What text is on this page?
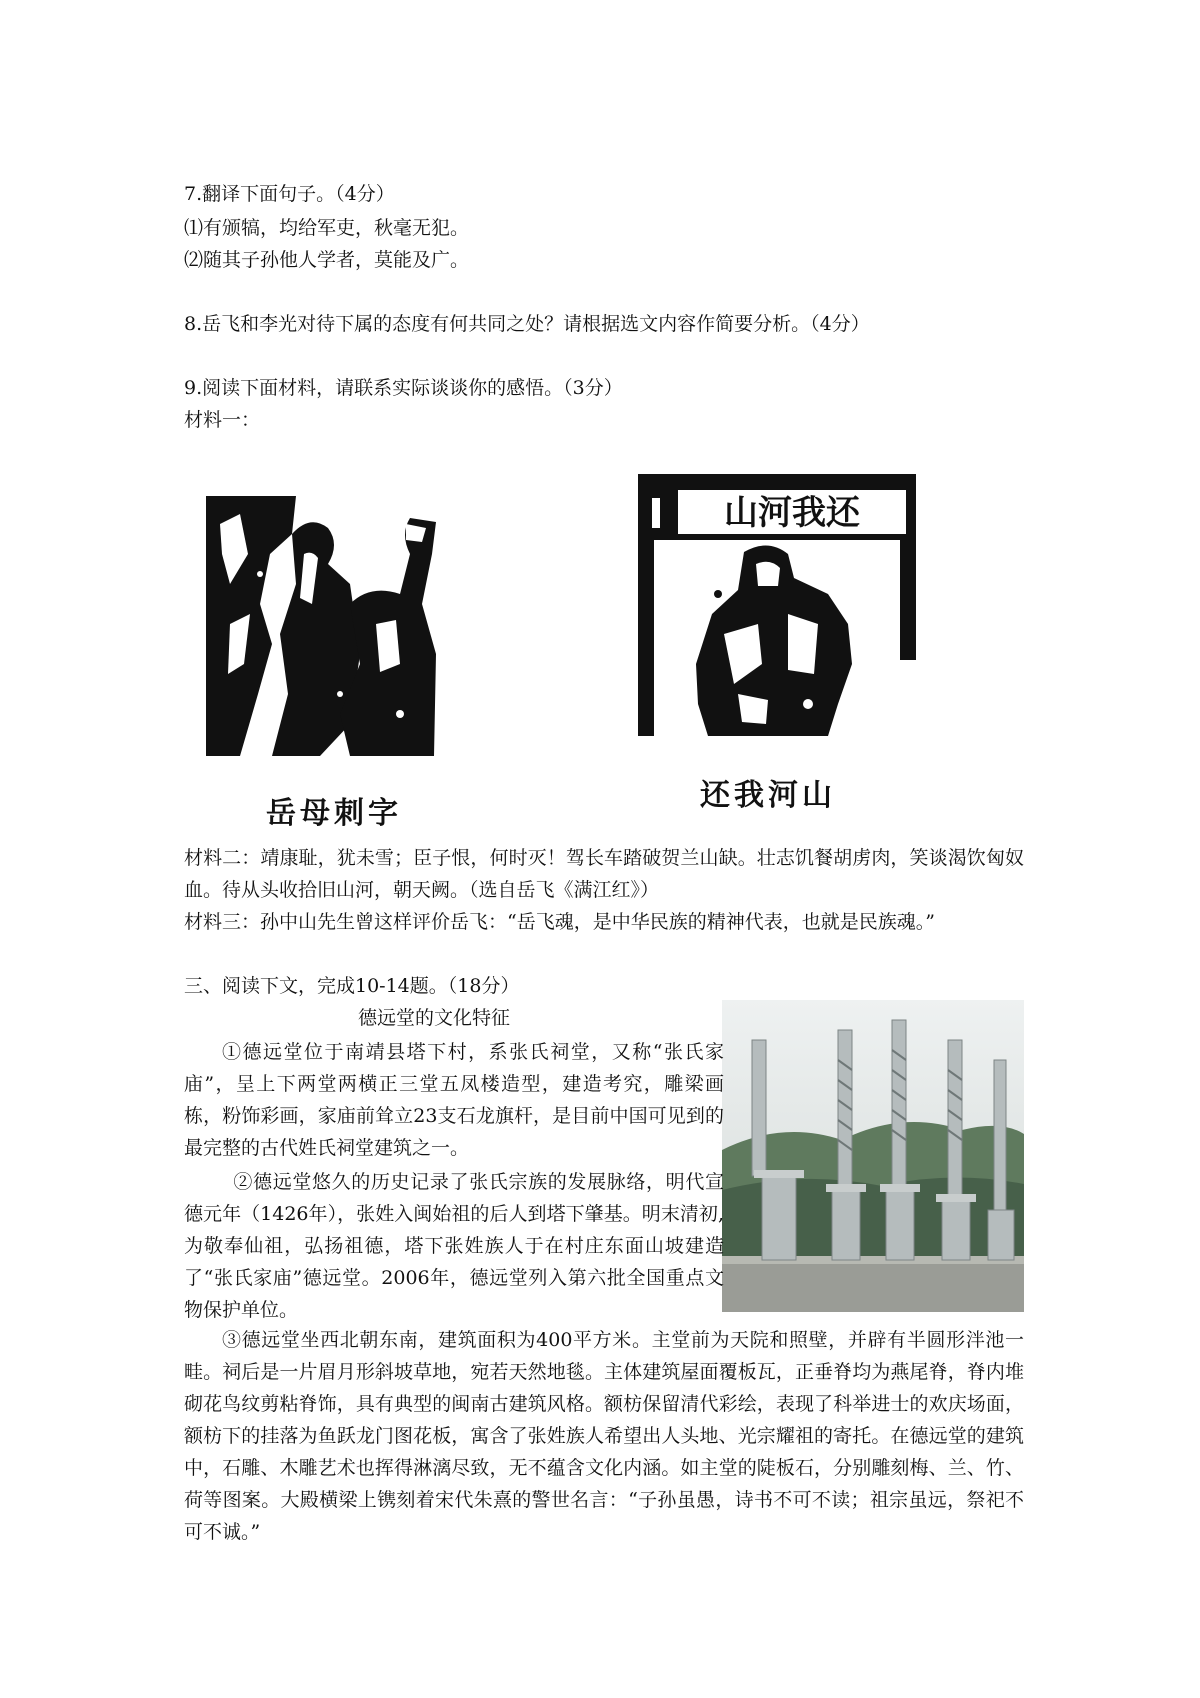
7.翻译下面句子。（4分）
⑴有颁犒，均给军吏，秋毫无犯。
⑵随其子孙他人学者，莫能及广。
8.岳飞和李光对待下属的态度有何共同之处？请根据选文内容作简要分析。（4分）
9.阅读下面材料，请联系实际谈谈你的感悟。（3分）
材料一：
岳母刺字
山河我还
还我河山
材料二：靖康耻，犹未雪；臣子恨，何时灭！驾长车踏破贺兰山缺。壮志饥餐胡虏肉，笑谈渴饮匈奴血。待从头收拾旧山河，朝天阙。（选自岳飞《满江红》）
材料三：孙中山先生曾这样评价岳飞：“岳飞魂，是中华民族的精神代表，也就是民族魂。”
三、阅读下文，完成10-14题。（18分）
德远堂的文化特征
①德远堂位于南靖县塔下村，系张氏祠堂，又称“张氏家庙”，呈上下两堂两横正三堂五凤楼造型，建造考究，雕梁画栋，粉饰彩画，家庙前耸立23支石龙旗杆，是目前中国可见到的最完整的古代姓氏祠堂建筑之一。
②德远堂悠久的历史记录了张氏宗族的发展脉络，明代宣德元年（1426年），张姓入闽始祖的后人到塔下肇基。明末清初,为敬奉仙祖，弘扬祖德，塔下张姓族人于在村庄东面山坡建造了“张氏家庙”德远堂。2006年，德远堂列入第六批全国重点文物保护单位。
③德远堂坐西北朝东南，建筑面积为400平方米。主堂前为天院和照壁，并辟有半圆形泮池一畦。祠后是一片眉月形斜坡草地，宛若天然地毯。主体建筑屋面覆板瓦，正垂脊均为燕尾脊，脊内堆砌花鸟纹剪粘脊饰，具有典型的闽南古建筑风格。额枋保留清代彩绘，表现了科举进士的欢庆场面，额枋下的挂落为鱼跃龙门图花板，寓含了张姓族人希望出人头地、光宗耀祖的寄托。在德远堂的建筑中，石雕、木雕艺术也挥得淋漓尽致，无不蕴含文化内涵。如主堂的陡板石，分别雕刻梅、兰、竹、荷等图案。大殿横梁上镌刻着宋代朱熹的警世名言：“子孙虽愚，诗书不可不读；祖宗虽远，祭祀不可不诚。”
